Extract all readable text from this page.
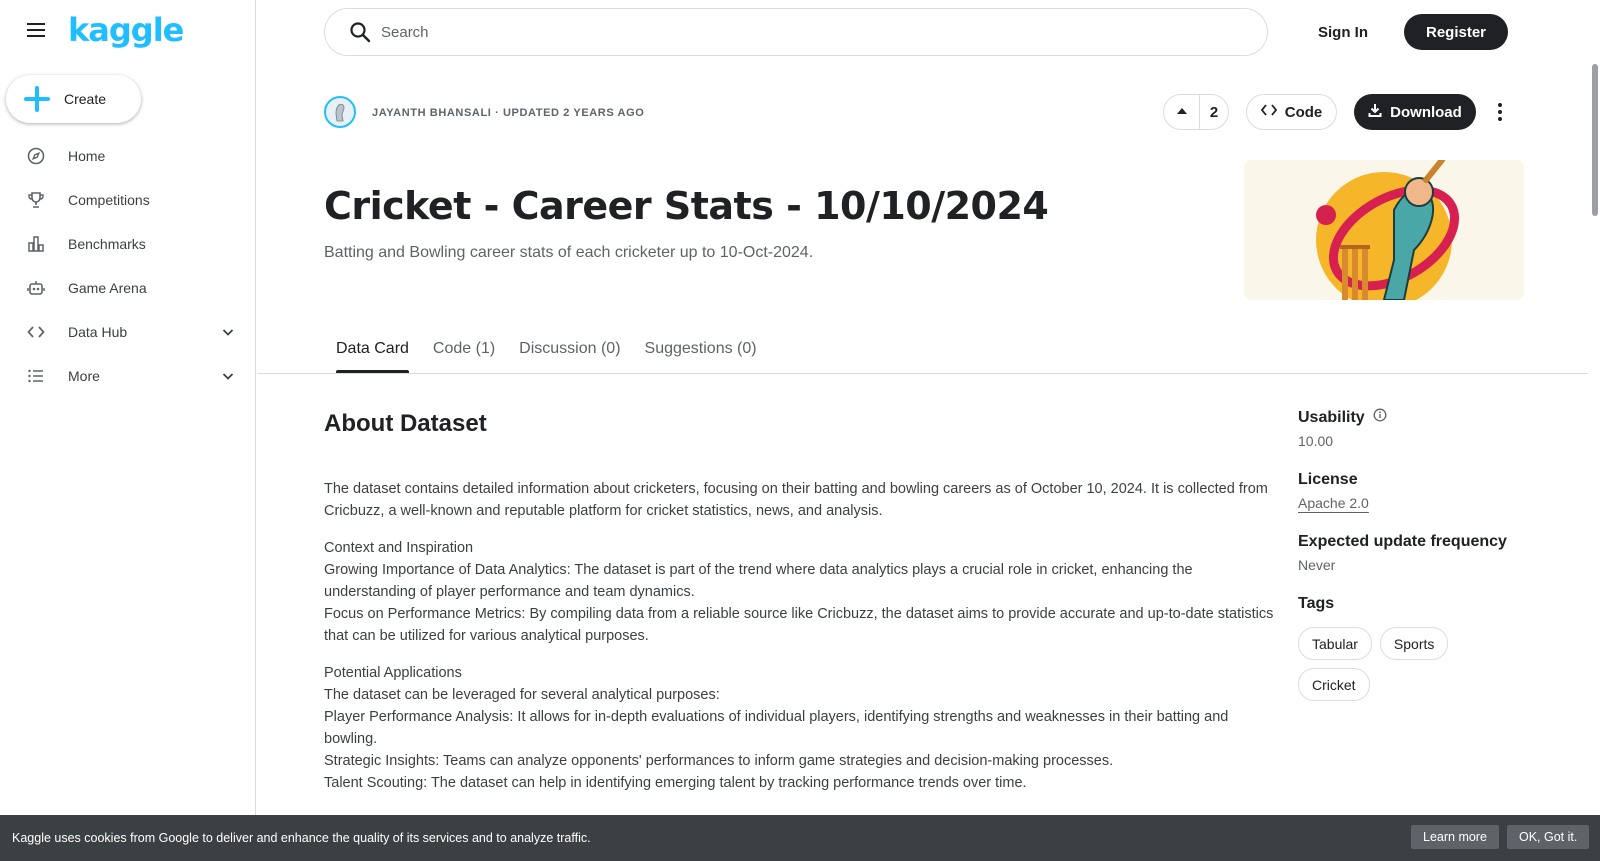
kaggle
Create
Home
Competitions
Benchmarks
Game Arena
Data Hub
More
Search
Sign In	Register
JAYANTH BHANSALI · UPDATED 2 YEARS AGO	2	Code	Download
Cricket - Career Stats - 10/10/2024
Batting and Bowling career stats of each cricketer up to 10-Oct-2024.
Data Card Code (1) Discussion (0) Suggestions (0)
About Dataset

The dataset contains detailed information about cricketers, focusing on their batting and bowling careers as of October 10, 2024. It is collected from Cricbuzz, a well-known and reputable platform for cricket statistics, news, and analysis.

Context and Inspiration
Growing Importance of Data Analytics: The dataset is part of the trend where data analytics plays a crucial role in cricket, enhancing the understanding of player performance and team dynamics.
Focus on Performance Metrics: By compiling data from a reliable source like Cricbuzz, the dataset aims to provide accurate and up-to-date statistics that can be utilized for various analytical purposes.

Potential Applications
The dataset can be leveraged for several analytical purposes:
Player Performance Analysis: It allows for in-depth evaluations of individual players, identifying strengths and weaknesses in their batting and bowling.
Strategic Insights: Teams can analyze opponents' performances to inform game strategies and decision-making processes.
Talent Scouting: The dataset can help in identifying emerging talent by tracking performance trends over time.

Usability
10.00
License
Apache 2.0
Expected update frequency
Never
Tags
Tabular	Sports
Cricket
Kaggle uses cookies from Google to deliver and enhance the quality of its services and to analyze traffic.	Learn more	OK, Got it.
